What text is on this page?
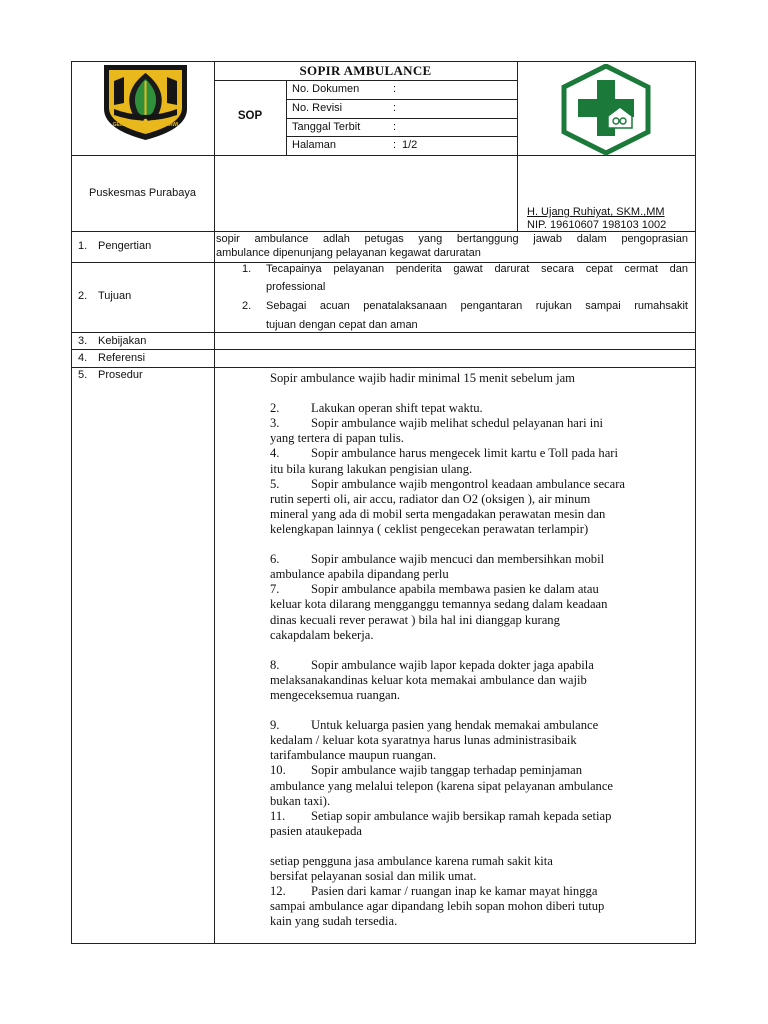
GEMAH RIPAH LOH JINAWI
SOPIR AMBULANCE
SOP
No. Dokumen	:
No. Revisi	:
Tanggal Terbit	:
Halaman	: 1/2
Puskesmas Purabaya
H. Ujang Ruhiyat, SKM.,MM
NIP. 19610607 198103 1002
1. Pengertian
sopir ambulance adlah petugas yang bertanggung jawab dalam pengoprasian
ambulance dipenunjang pelayanan kegawat daruratan
2. Tujuan
1. Tecapainya pelayanan penderita gawat darurat secara cepat cermat dan
professional
2. Sebagai acuan penatalaksanaan pengantaran rujukan sampai rumahsakit
tujuan dengan cepat dan aman
3. Kebijakan
4. Referensi
5. Prosedur	Sopir ambulance wajib hadir minimal 15 menit sebelum jam
2.	Lakukan operan shift tepat waktu.
3.	Sopir ambulance wajib melihat schedul pelayanan hari ini
yang tertera di papan tulis.
4.	Sopir ambulance harus mengecek limit kartu e Toll pada hari
itu bila kurang lakukan pengisian ulang.
5.	Sopir ambulance wajib mengontrol keadaan ambulance secara
rutin seperti oli, air accu, radiator dan O2 (oksigen ), air minum
mineral yang ada di mobil serta mengadakan perawatan mesin dan
kelengkapan lainnya ( ceklist pengecekan perawatan terlampir)
6.	Sopir ambulance wajib mencuci dan membersihkan mobil
ambulance apabila dipandang perlu
7.	Sopir ambulance apabila membawa pasien ke dalam atau
keluar kota dilarang mengganggu temannya sedang dalam keadaan
dinas kecuali rever perawat ) bila hal ini dianggap kurang
cakapdalam bekerja.
8.	Sopir ambulance wajib lapor kepada dokter jaga apabila
melaksanakandinas keluar kota memakai ambulance dan wajib
mengeceksemua ruangan.
9.	Untuk keluarga pasien yang hendak memakai ambulance
kedalam / keluar kota syaratnya harus lunas administrasibaik
tarifambulance maupun ruangan.
10. Sopir ambulance wajib tanggap terhadap peminjaman
ambulance yang melalui telepon (karena sipat pelayanan ambulance
bukan taxi).
11. Setiap sopir ambulance wajib bersikap ramah kepada setiap
pasien ataukepada
setiap pengguna jasa ambulance karena rumah sakit kita
bersifat pelayanan sosial dan milik umat.
12. Pasien dari kamar / ruangan inap ke kamar mayat hingga
sampai ambulance agar dipandang lebih sopan mohon diberi tutup
kain yang sudah tersedia.
